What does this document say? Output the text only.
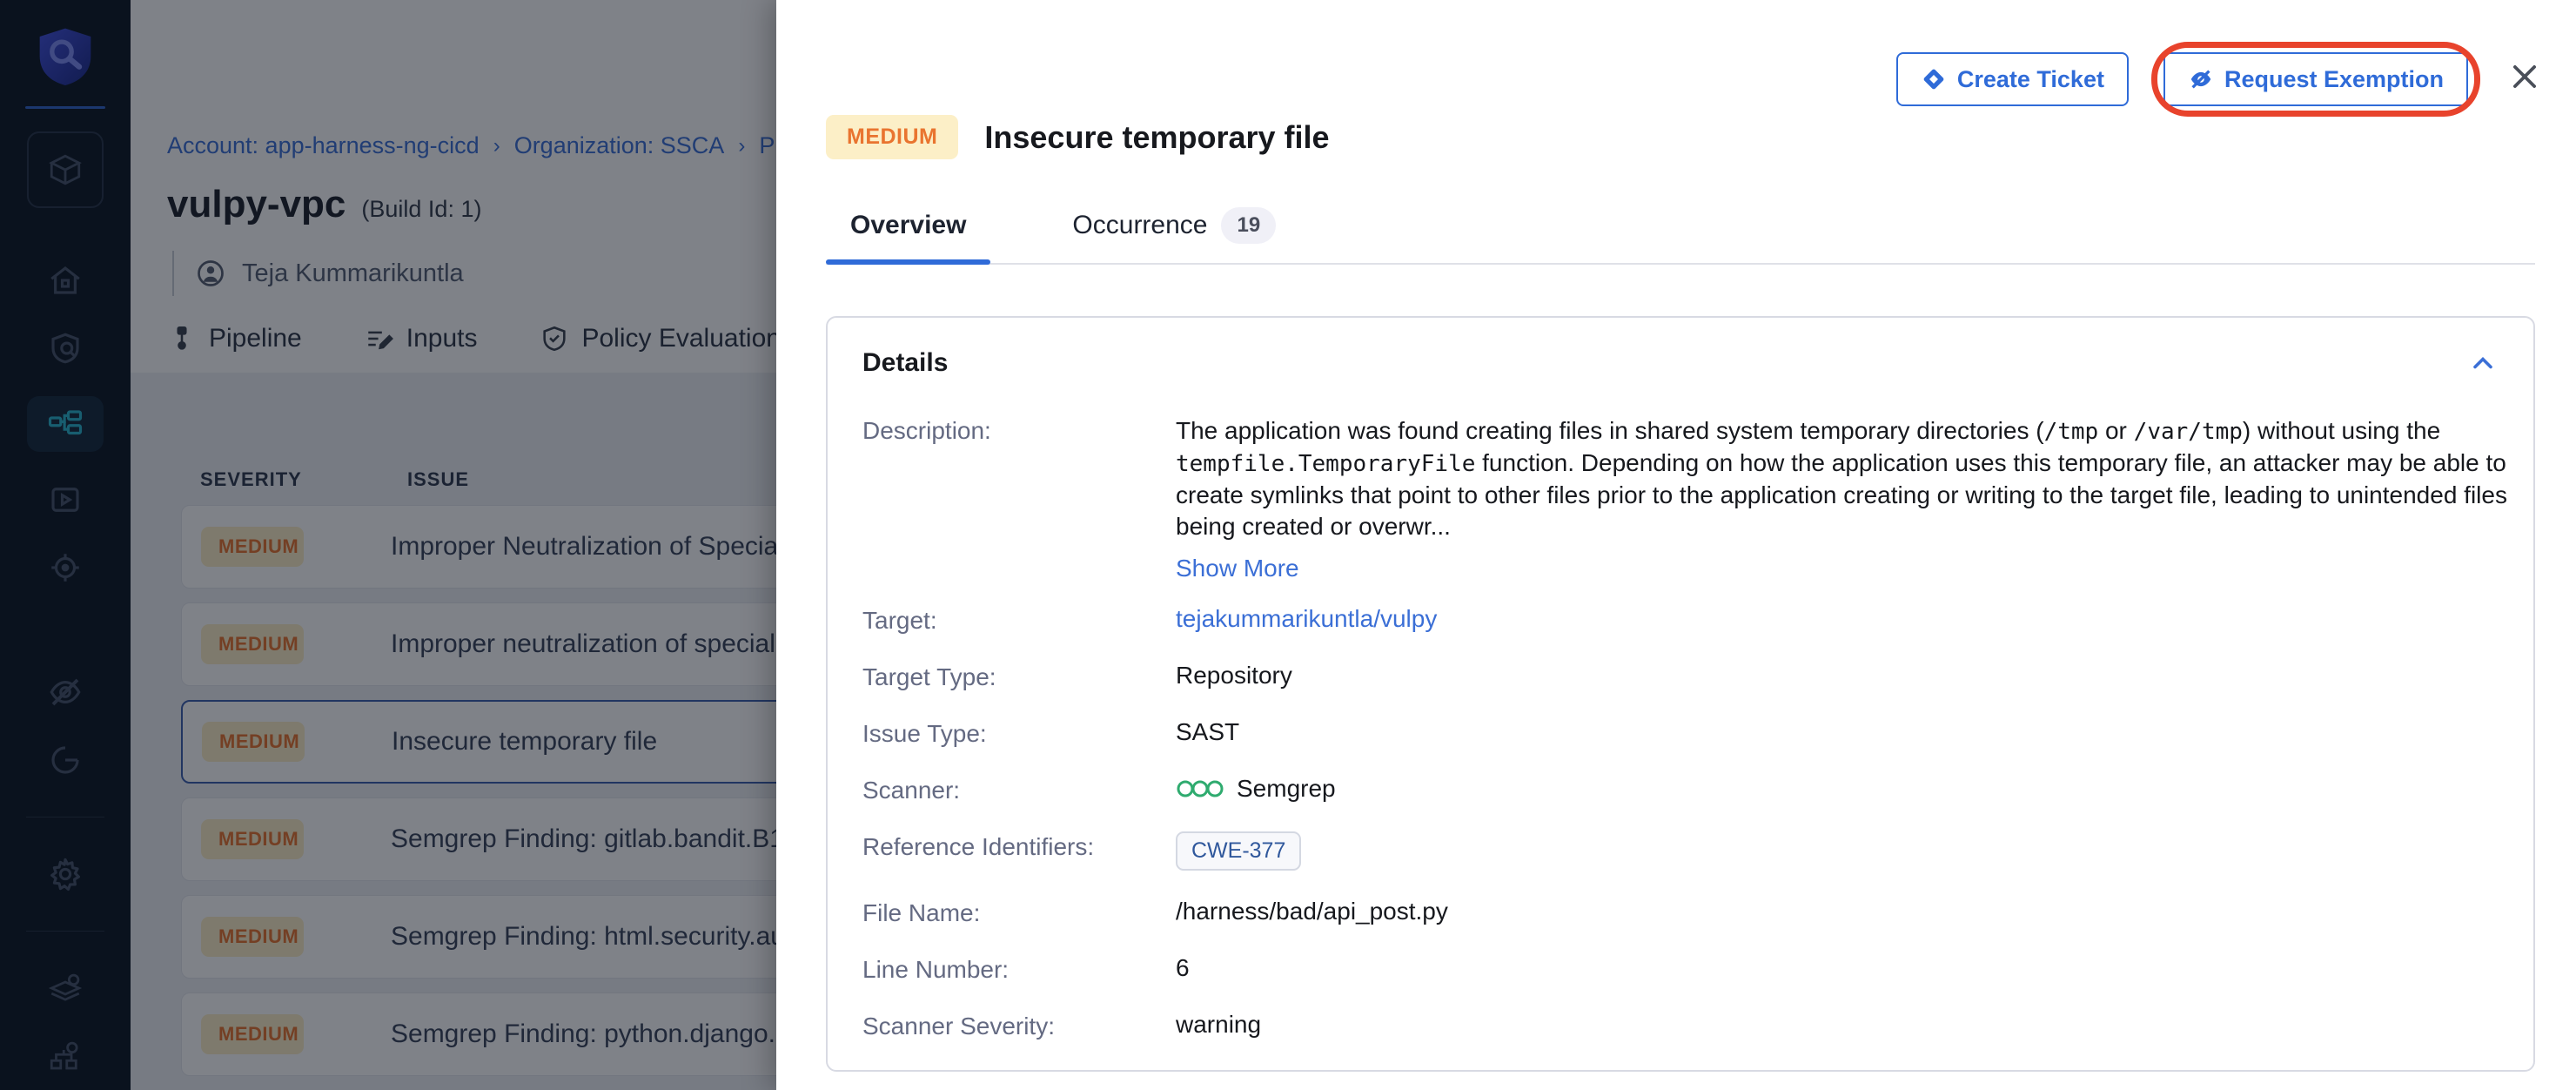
Create Ticket	Request Exemption
MEDIUM	Insecure temporary file
Overview	Occurrence	19
Details
Description:	The application was found creating files in shared system temporary directories (/tmp or /var/tmp) without using the tempfile.TemporaryFile function. Depending on how the application uses this temporary file, an attacker may be able to create symlinks that point to other files prior to the application creating or writing to the target file, leading to unintended files being created or overwr...
Show More
Target:	tejakummarikuntla/vulpy
Target Type:	Repository
Issue Type:	SAST
Scanner:	Semgrep
Reference Identifiers:	CWE-377
File Name:	/harness/bad/api_post.py
Line Number:	6
Scanner Severity:	warning
